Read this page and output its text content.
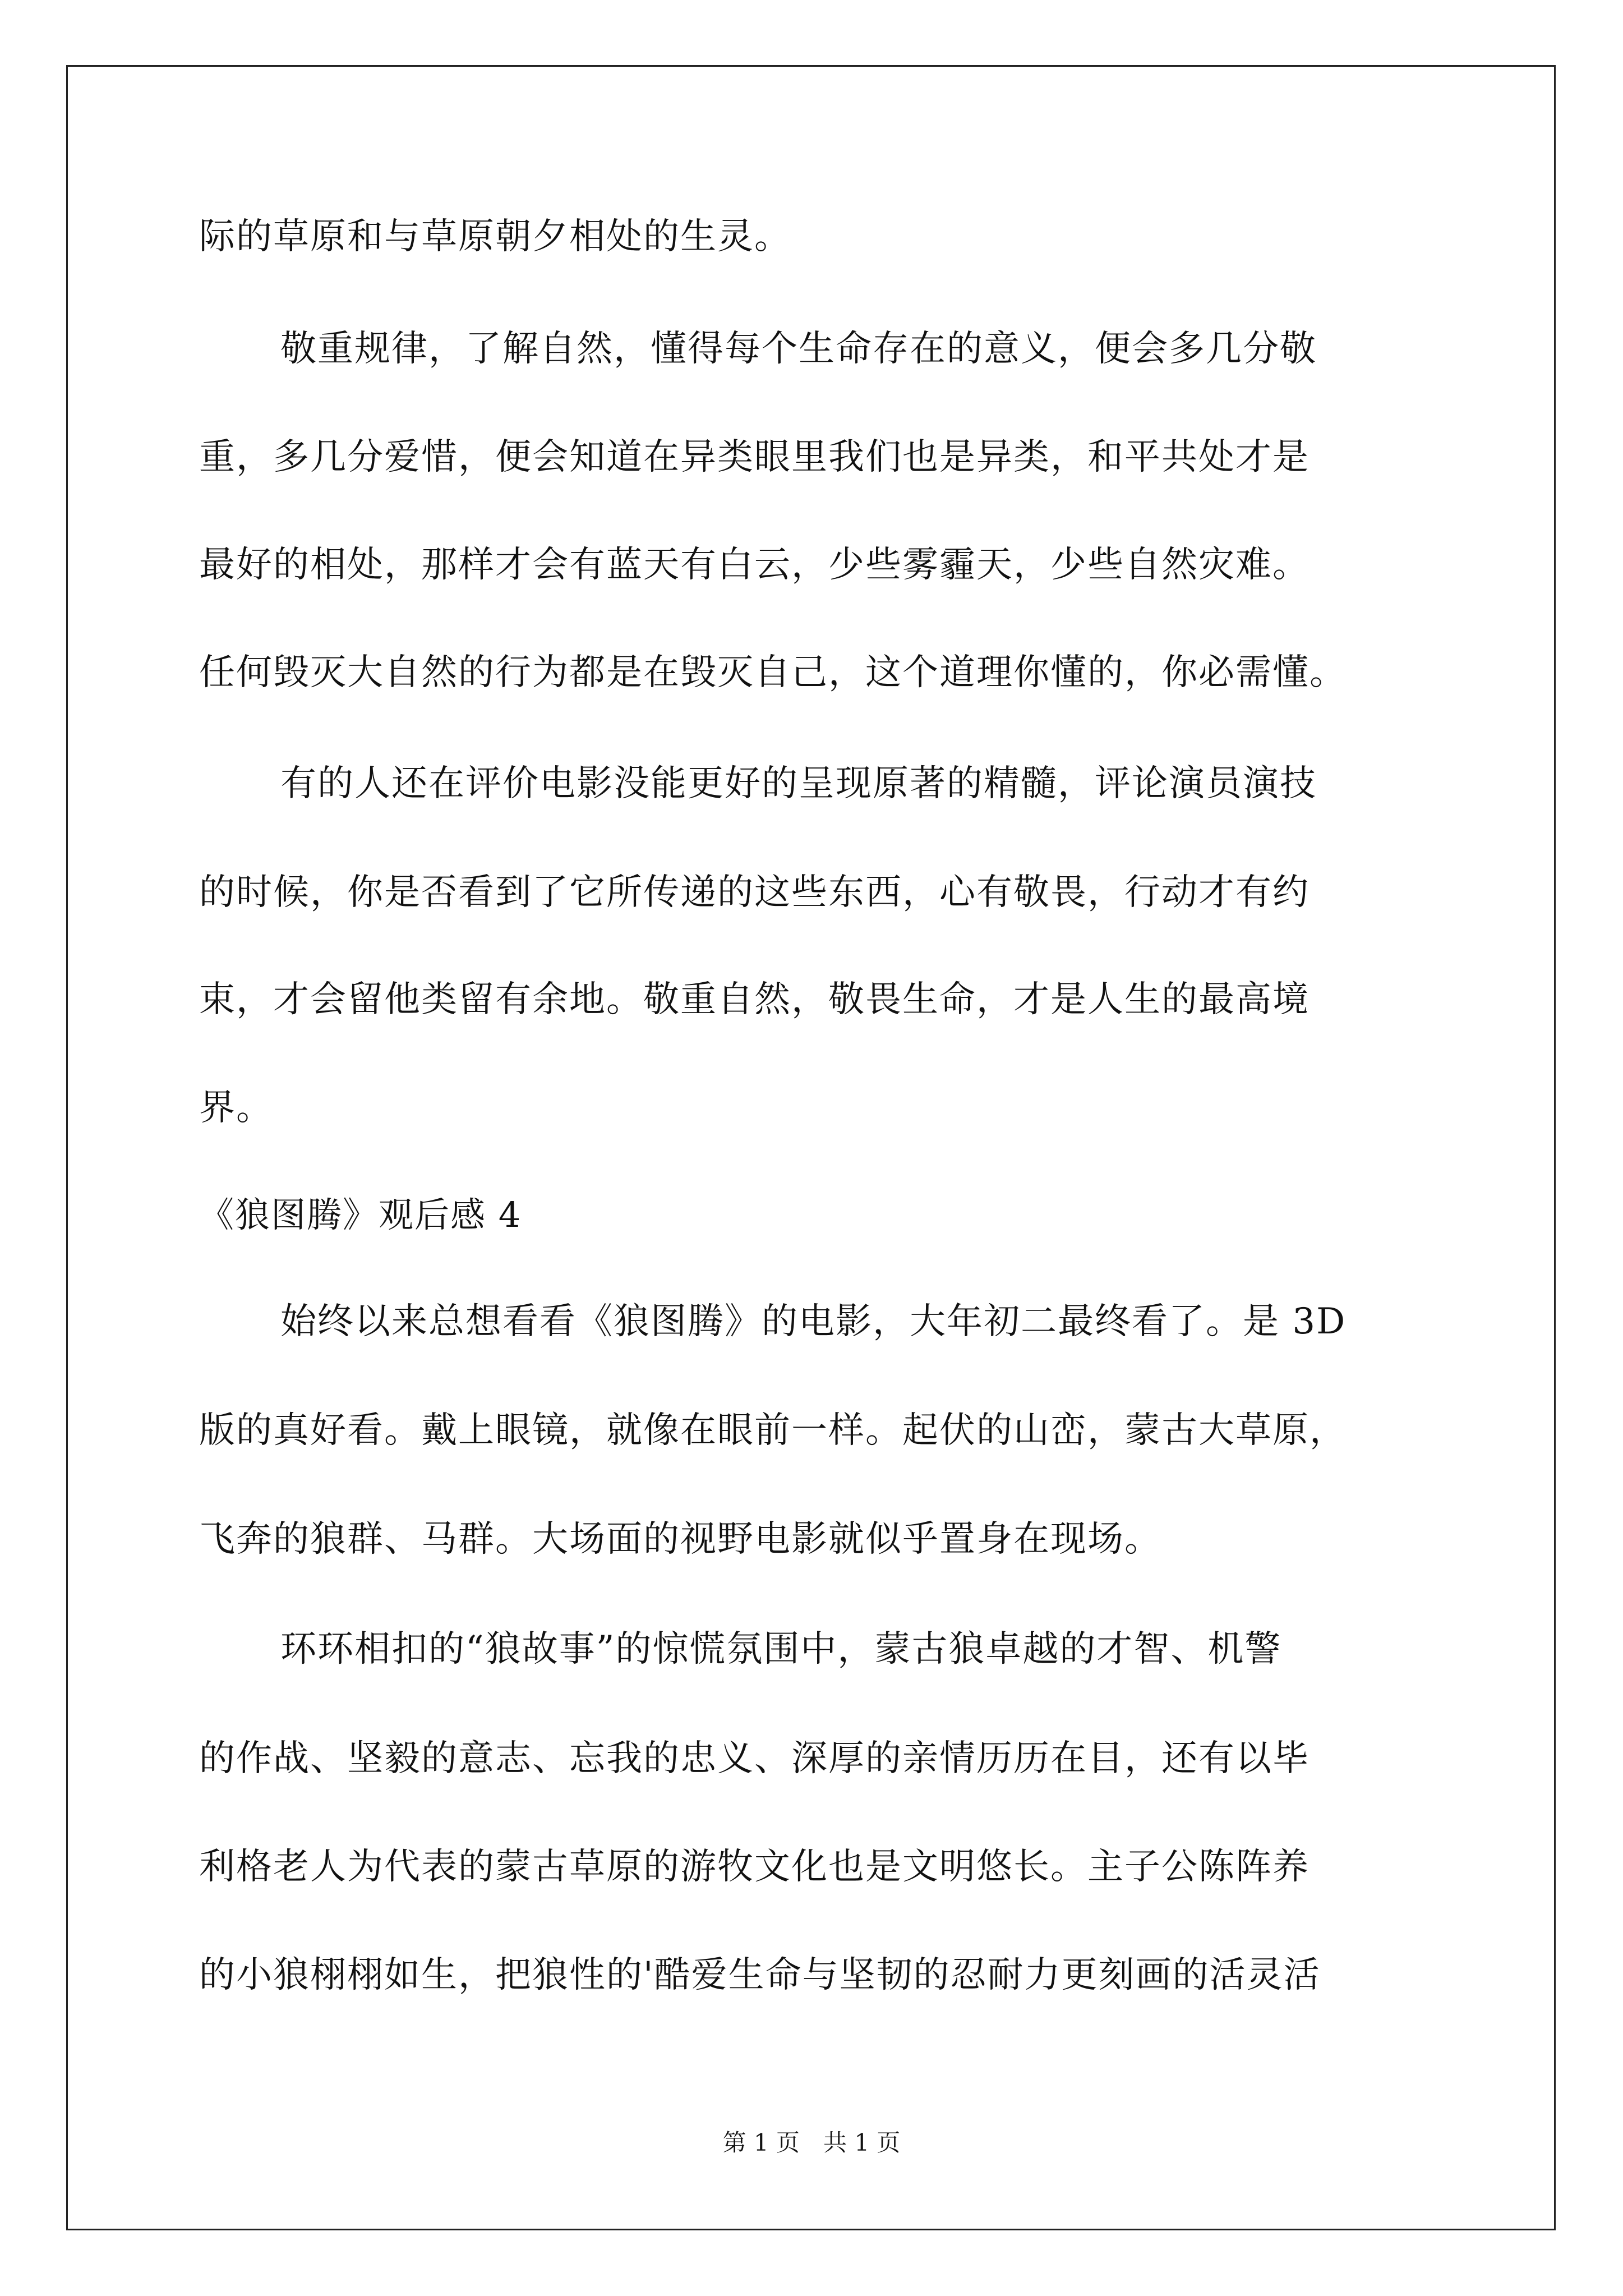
际的草原和与草原朝夕相处的生灵。
敬重规律，了解自然，懂得每个生命存在的意义，便会多几分敬
重，多几分爱惜，便会知道在异类眼里我们也是异类，和平共处才是
最好的相处，那样才会有蓝天有白云，少些雾霾天，少些自然灾难。
任何毁灭大自然的行为都是在毁灭自己，这个道理你懂的，你必需懂。
有的人还在评价电影没能更好的呈现原著的精髓，评论演员演技
的时候，你是否看到了它所传递的这些东西，心有敬畏，行动才有约
束，才会留他类留有余地。敬重自然，敬畏生命，才是人生的最高境
界。
《狼图腾》观后感 4
始终以来总想看看《狼图腾》的电影，大年初二最终看了。是 3D
版的真好看。戴上眼镜，就像在眼前一样。起伏的山峦，蒙古大草原，
飞奔的狼群、马群。大场面的视野电影就似乎置身在现场。
环环相扣的“狼故事”的惊慌氛围中，蒙古狼卓越的才智、机警
的作战、坚毅的意志、忘我的忠义、深厚的亲情历历在目，还有以毕
利格老人为代表的蒙古草原的游牧文化也是文明悠长。主子公陈阵养
的小狼栩栩如生，把狼性的'酷爱生命与坚韧的忍耐力更刻画的活灵活
第 1 页　共 1 页
